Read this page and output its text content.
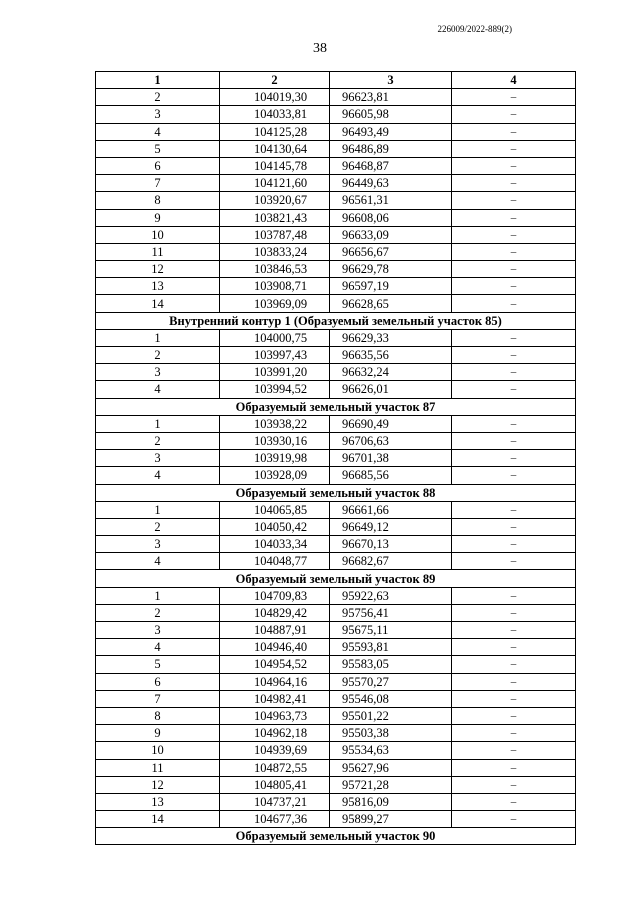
226009/2022-889(2)
38
1	2	3	4
2	104019,30	96623,81	–
3	104033,81	96605,98	–
4	104125,28	96493,49	–
5	104130,64	96486,89	–
6	104145,78	96468,87	–
7	104121,60	96449,63	–
8	103920,67	96561,31	–
9	103821,43	96608,06	–
10	103787,48	96633,09	–
11	103833,24	96656,67	–
12	103846,53	96629,78	–
13	103908,71	96597,19	–
14	103969,09	96628,65	–
Внутренний контур 1 (Образуемый земельный участок 85)			
1	104000,75	96629,33	–
2	103997,43	96635,56	–
3	103991,20	96632,24	–
4	103994,52	96626,01	–
Образуемый земельный участок 87			
1	103938,22	96690,49	–
2	103930,16	96706,63	–
3	103919,98	96701,38	–
4	103928,09	96685,56	–
Образуемый земельный участок 88			
1	104065,85	96661,66	–
2	104050,42	96649,12	–
3	104033,34	96670,13	–
4	104048,77	96682,67	–
Образуемый земельный участок 89			
1	104709,83	95922,63	–
2	104829,42	95756,41	–
3	104887,91	95675,11	–
4	104946,40	95593,81	–
5	104954,52	95583,05	–
6	104964,16	95570,27	–
7	104982,41	95546,08	–
8	104963,73	95501,22	–
9	104962,18	95503,38	–
10	104939,69	95534,63	–
11	104872,55	95627,96	–
12	104805,41	95721,28	–
13	104737,21	95816,09	–
14	104677,36	95899,27	–
Образуемый земельный участок 90			
